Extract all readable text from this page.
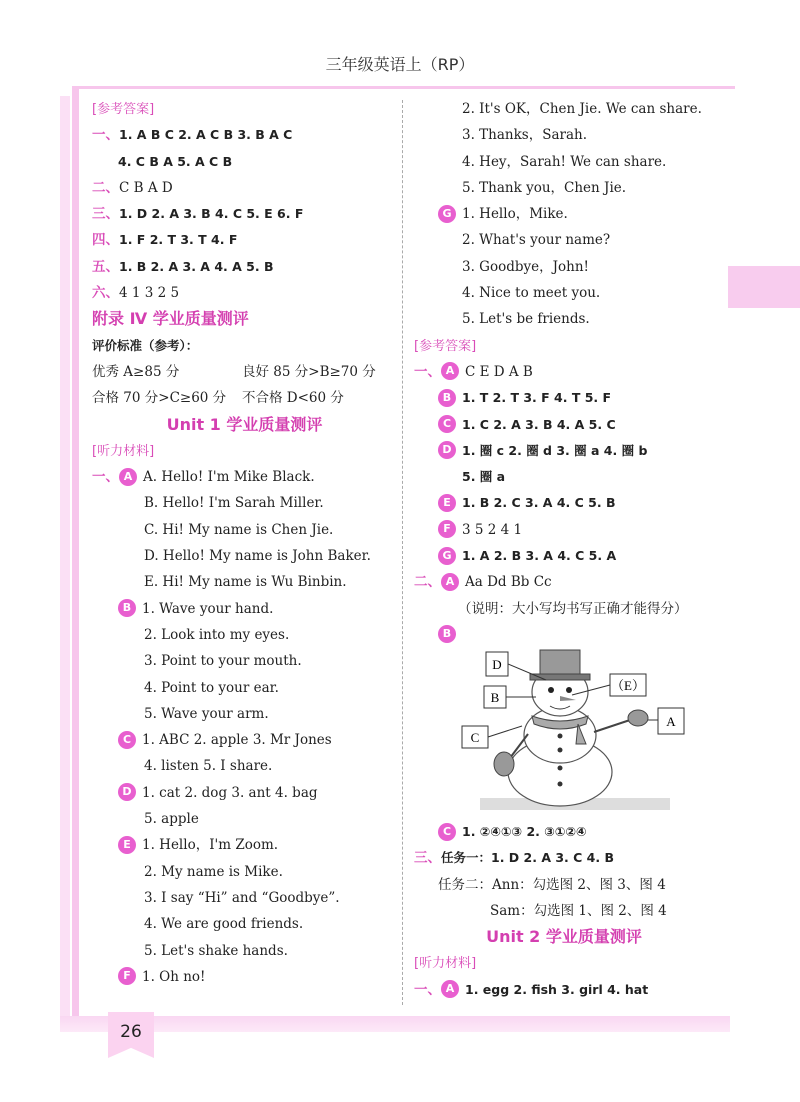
三年级英语上（RP）
26
[参考答案]
一、1. A B C 2. A C B 3. B A C
4. C B A 5. A C B
二、C B A D
三、1. D 2. A 3. B 4. C 5. E 6. F
四、1. F 2. T 3. T 4. F
五、1. B 2. A 3. A 4. A 5. B
六、4 1 3 2 5
附录 Ⅳ 学业质量测评
评价标准（参考）：
优秀 A≥85 分	良好 85 分>B≥70 分
合格 70 分>C≥60 分 不合格 D<60 分
Unit 1 学业质量测评
[听力材料]
一、 A A. Hello! I'm Mike Black.
B. Hello! I'm Sarah Miller.
C. Hi! My name is Chen Jie.
D. Hello! My name is John Baker.
E. Hi! My name is Wu Binbin.
B 1. Wave your hand.
2. Look into my eyes.
3. Point to your mouth.
4. Point to your ear.
5. Wave your arm.
C 1. ABC 2. apple 3. Mr Jones
4. listen 5. I share.
D 1. cat 2. dog 3. ant 4. bag
5. apple
E 1. Hello，I'm Zoom.
2. My name is Mike.
3. I say “Hi” and “Goodbye”.
4. We are good friends.
5. Let's shake hands.
F 1. Oh no!
2. It's OK，Chen Jie. We can share.
3. Thanks，Sarah.
4. Hey，Sarah! We can share.
5. Thank you，Chen Jie.
G 1. Hello，Mike.
2. What's your name?
3. Goodbye，John!
4. Nice to meet you.
5. Let's be friends.
[参考答案]
一、 A C E D A B
B 1. T 2. T 3. F 4. T 5. F
C 1. C 2. A 3. B 4. A 5. C
D 1. 圈 c 2. 圈 d 3. 圈 a 4. 圈 b
5. 圈 a
E 1. B 2. C 3. A 4. C 5. B
F 3 5 2 4 1
G 1. A 2. B 3. A 4. C 5. A
二、 A Aa Dd Bb Cc
（说明：大小写均书写正确才能得分）
B
D
B
（E）
A
C
C 1. ②④①③ 2. ③①②④
三、任务一：1. D 2. A 3. C 4. B
任务二：Ann：勾选图 2、图 3、图 4
Sam：勾选图 1、图 2、图 4
Unit 2 学业质量测评
[听力材料]
一、 A 1. egg 2. fish 3. girl 4. hat
